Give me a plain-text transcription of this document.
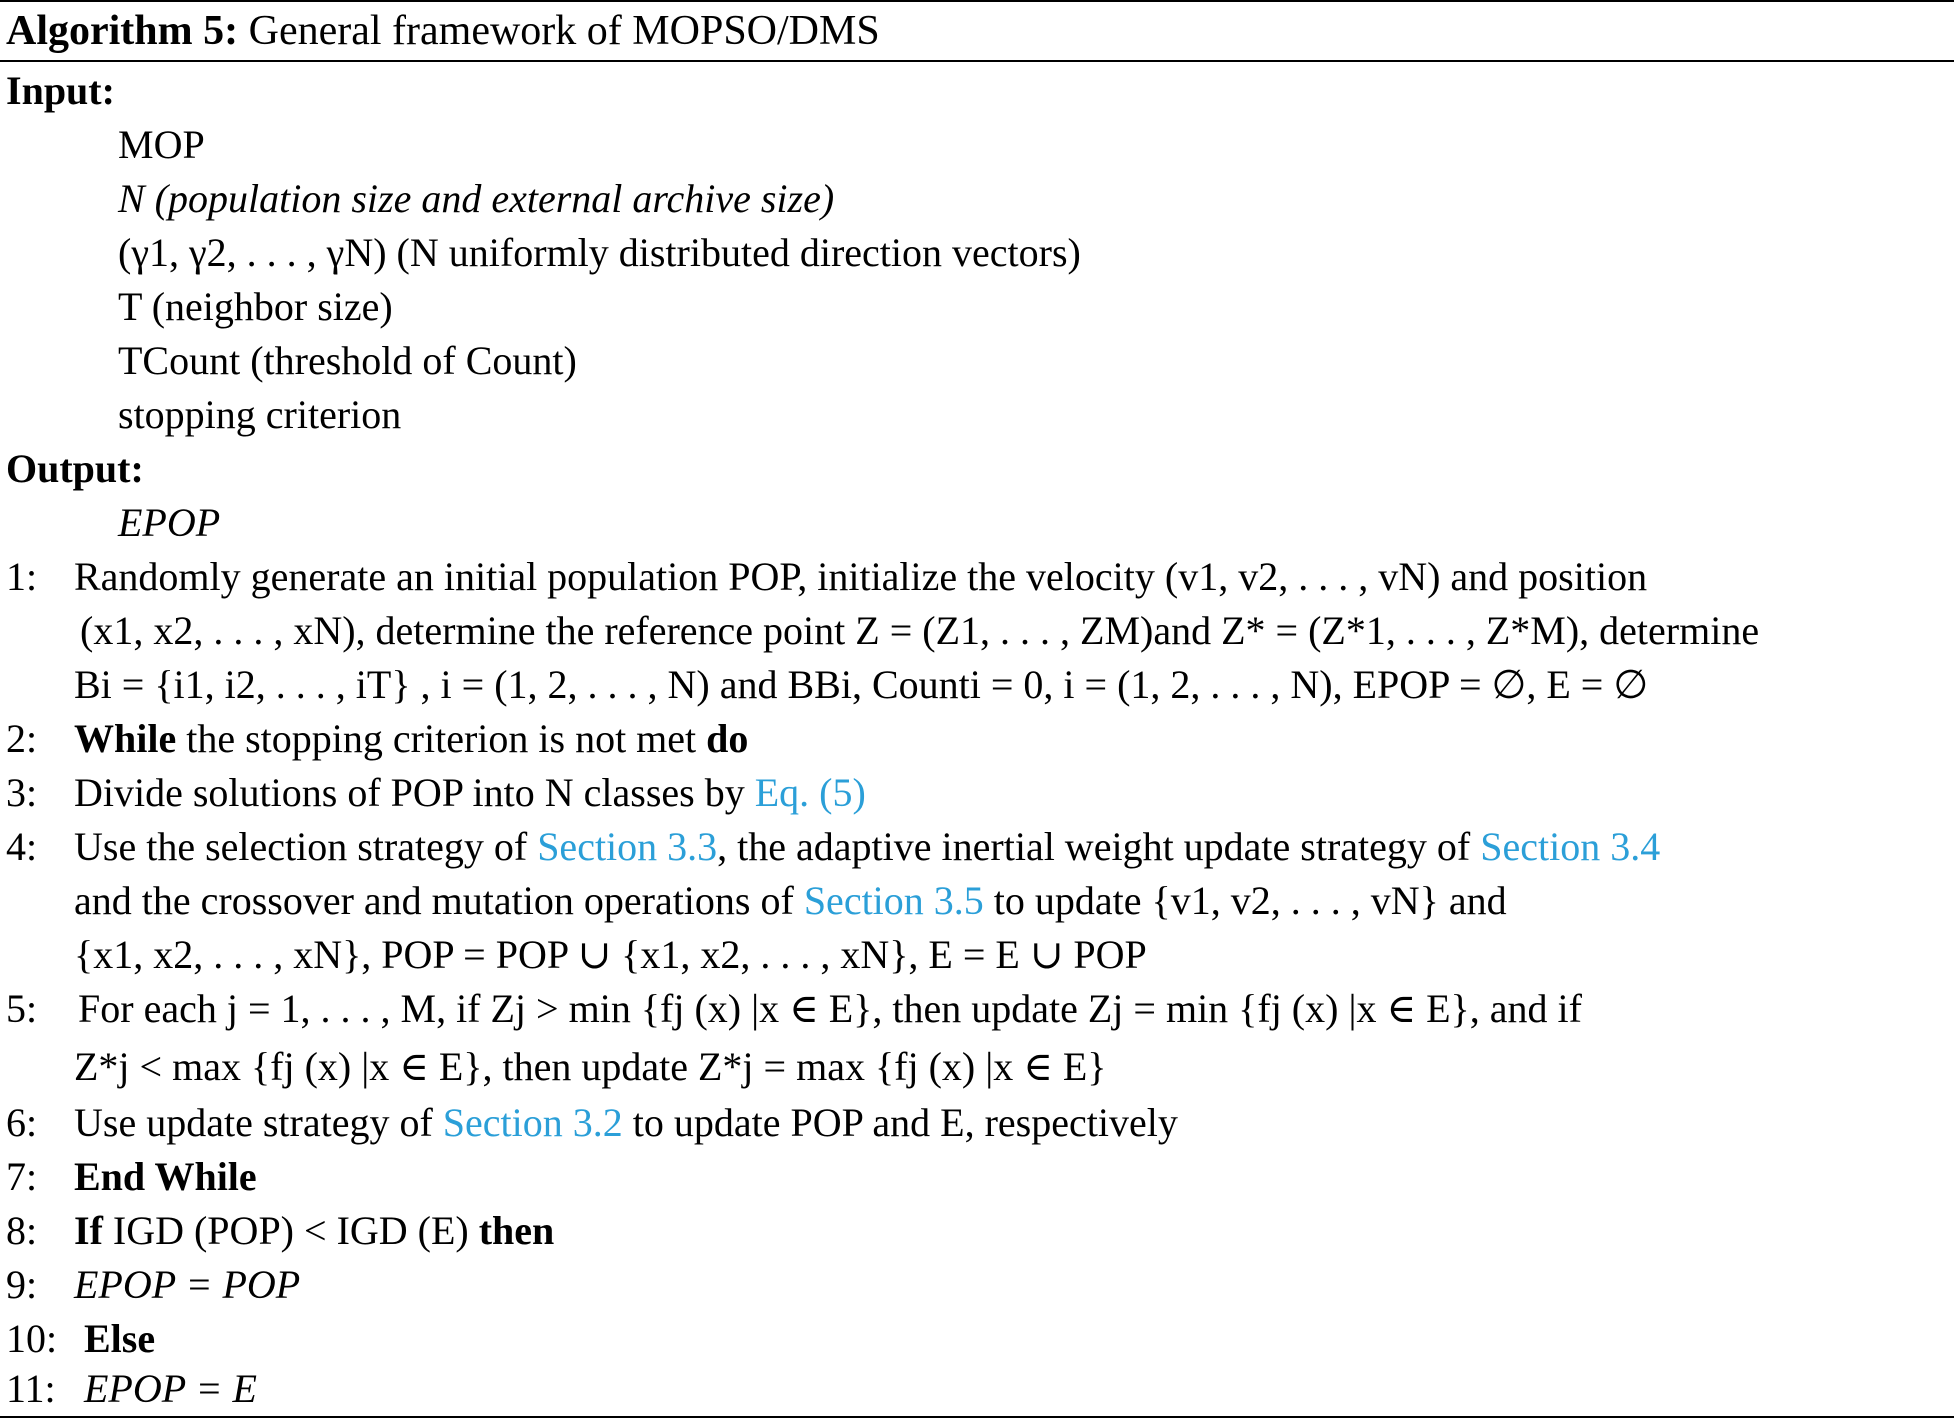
Algorithm 5: General framework of MOPSO/DMS
Input:
MOP
N (population size and external archive size)
(γ1, γ2, . . . , γN) (N uniformly distributed direction vectors)
T (neighbor size)
TCount (threshold of Count)
stopping criterion
Output:
EPOP
1: Randomly generate an initial population POP, initialize the velocity (v1, v2, . . . , vN) and position
(x1, x2, . . . , xN), determine the reference point Z = (Z1, . . . , ZM)and Z* = (Z*1, . . . , Z*M), determine
Bi = {i1, i2, . . . , iT} , i = (1, 2, . . . , N) and BBi, Counti = 0, i = (1, 2, . . . , N), EPOP = ∅, E = ∅
2: While the stopping criterion is not met do
3: Divide solutions of POP into N classes by Eq. (5)
4: Use the selection strategy of Section 3.3, the adaptive inertial weight update strategy of Section 3.4
and the crossover and mutation operations of Section 3.5 to update {v1, v2, . . . , vN} and
{x1, x2, . . . , xN}, POP = POP ∪ {x1, x2, . . . , xN}, E = E ∪ POP
5: For each j = 1, . . . , M, if Zj > min {fj (x) |x ∈ E}, then update Zj = min {fj (x) |x ∈ E}, and if
Z*j < max {fj (x) |x ∈ E}, then update Z*j = max {fj (x) |x ∈ E}
6: Use update strategy of Section 3.2 to update POP and E, respectively
7: End While
8: If IGD (POP) < IGD (E) then
9: EPOP = POP
10: Else
11: EPOP = E
